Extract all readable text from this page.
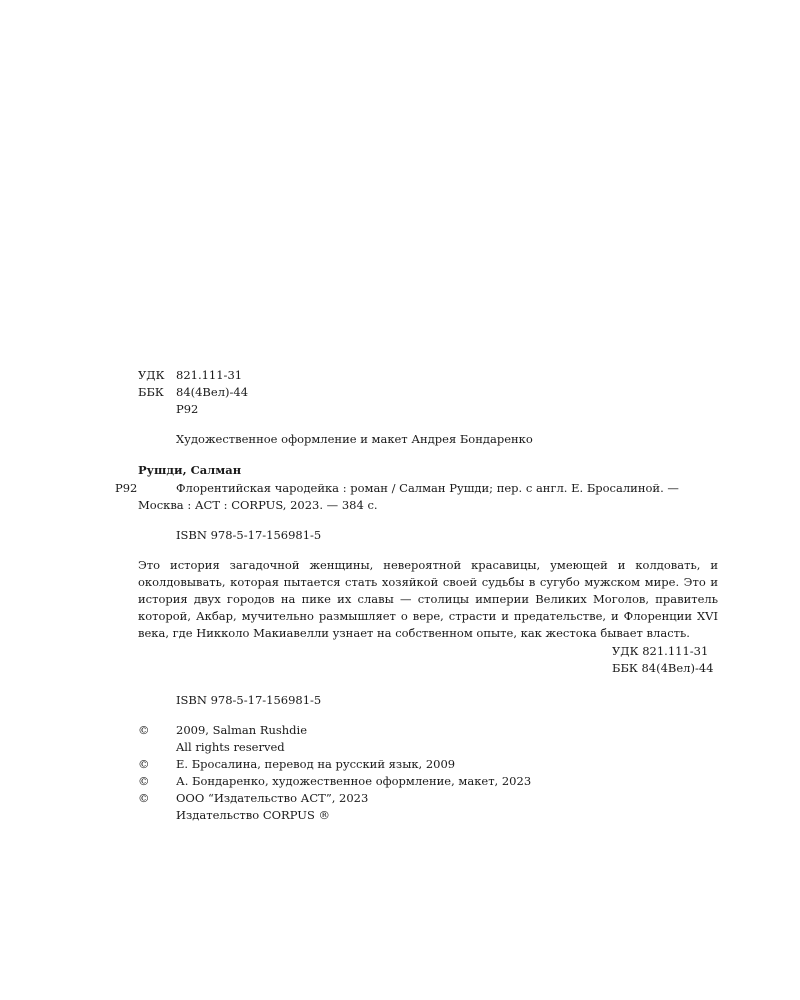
УДК 821.111-31
ББК 84(4Вел)-44
Р92
Художественное оформление и макет Андрея Бондаренко
Рушди, Салман
Р92	Флорентийская чародейка : роман / Салман Рушди; пер. с англ. Е. Бросалиной. —
Москва : АСТ : CORPUS, 2023. — 384 с.
ISBN 978-5-17-156981-5
Это история загадочной женщины, невероятной красавицы, умеющей и колдовать, и околдовывать, которая пытается стать хозяйкой своей судьбы в сугубо мужском мире. Это и история двух городов на пике их славы — столицы империи Великих Моголов, правитель которой, Акбар, мучительно размышляет о вере, страсти и предательстве, и Флоренции XVI века, где Никколо Макиавелли узнает на собственном опыте, как жестока бывает власть.
УДК 821.111-31
ББК 84(4Вел)-44
ISBN 978-5-17-156981-5
© 2009, Salman Rushdie
All rights reserved
© Е. Бросалина, перевод на русский язык, 2009
© А. Бондаренко, художественное оформление, макет, 2023
© ООО “Издательство АСТ”, 2023
Издательство CORPUS ®
